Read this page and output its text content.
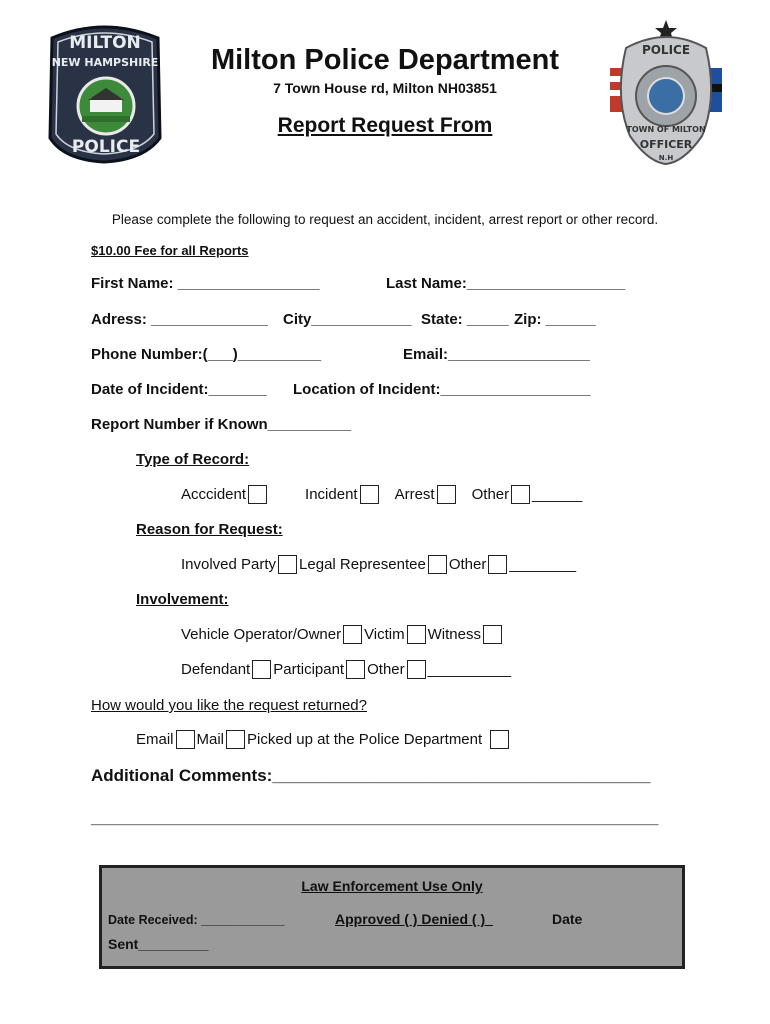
MILTON
NEW HAMPSHIRE
POLICE
POLICE
TOWN OF MILTON
OFFICER
N.H
Milton Police Department
7 Town House rd, Milton NH03851
Report Request From
Please complete the following to request an accident, incident, arrest report or other record.
$10.00 Fee for all Reports
First Name: _________________	Last Name:___________________
Adress: ______________ City____________ State: _____ Zip: ______
Phone Number:(___)__________	Email:_________________
Date of Incident:_______ Location of Incident:__________________
Report Number if Known__________
Type of Record:
Acccident	Incident Arrest Other ______
Reason for Request:
Involved Party Legal Representee Other ________
Involvement:
Vehicle Operator/Owner Victim Witness
Defendant Participant Other __________
How would you like the request returned?
Email Mail Picked up at the Police Department
Additional Comments:________________________________________
____________________________________________________________
Law Enforcement Use Only
Date Received: ____________	Approved ( ) Denied ( )_	Date
Sent_________
